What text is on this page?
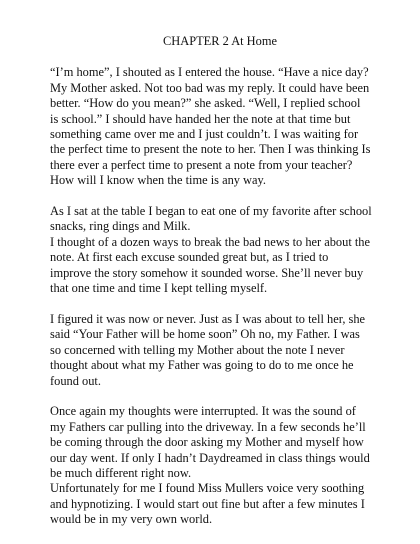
CHAPTER 2 At Home

“I’m home”, I shouted as I entered the house. “Have a nice day?
My Mother asked. Not too bad was my reply. It could have been
better. “How do you mean?” she asked. “Well, I replied school
is school.” I should have handed her the note at that time but
something came over me and I just couldn’t. I was waiting for
the perfect time to present the note to her. Then I was thinking Is
there ever a perfect time to present a note from your teacher?
How will I know when the time is any way.

As I sat at the table I began to eat one of my favorite after school
snacks, ring dings and Milk.

I thought of a dozen ways to break the bad news to her about the
note. At first each excuse sounded great but, as I tried to
improve the story somehow it sounded worse. She’ll never buy
that one time and time I kept telling myself.

I figured it was now or never. Just as I was about to tell her, she
said “Your Father will be home soon” Oh no, my Father. I was
so concerned with telling my Mother about the note I never
thought about what my Father was going to do to me once he
found out.

Once again my thoughts were interrupted. It was the sound of
my Fathers car pulling into the driveway. In a few seconds he’ll
be coming through the door asking my Mother and myself how
our day went. If only I hadn’t Daydreamed in class things would
be much different right now.

Unfortunately for me I found Miss Mullers voice very soothing
and hypnotizing. I would start out fine but after a few minutes I
would be in my very own world.
